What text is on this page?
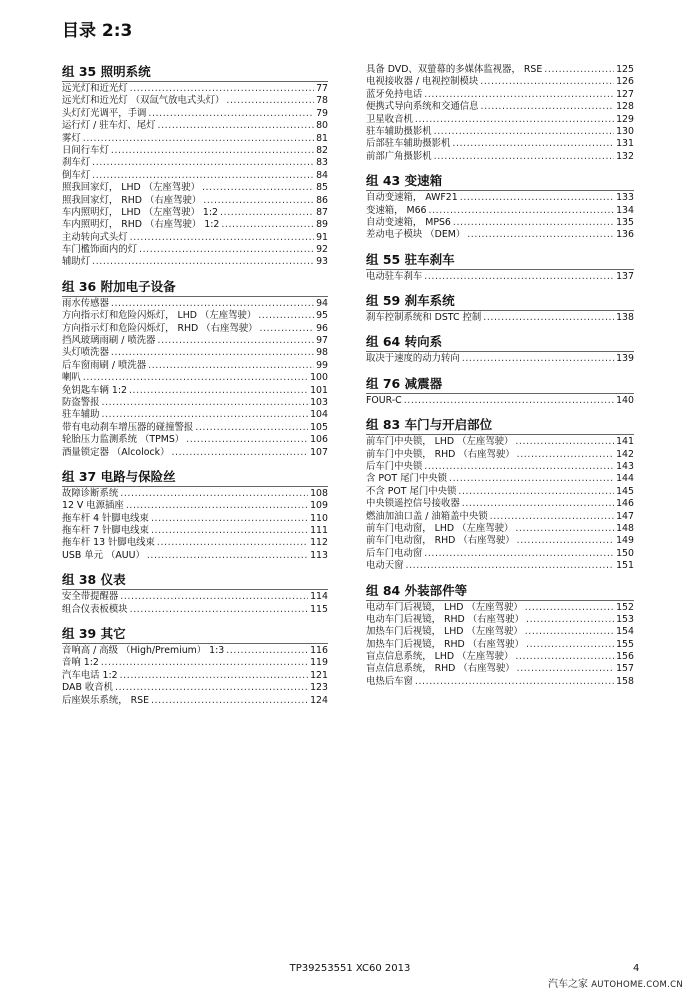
目录 2:3
组 35 照明系统
远光灯和近光灯 .....	77
远光灯和近光灯 （双氙气放电式头灯） .....	78
头灯灯光调平，手调 .....	79
运行灯 / 驻车灯、尾灯 .....	80
雾灯 .....	81
日间行车灯 .....	82
刹车灯 .....	83
倒车灯 .....	84
照我回家灯， LHD （左座驾驶） .....	85
照我回家灯， RHD （右座驾驶） .....	86
车内照明灯， LHD （左座驾驶） 1:2 .....	87
车内照明灯， RHD （右座驾驶） 1:2 .....	89
主动转向式头灯 .....	91
车门檻饰面内的灯 .....	92
辅助灯 .....	93
组 36 附加电子设备
雨水传感器 .....	94
方向指示灯和危险闪烁灯， LHD （左座驾驶） .....	95
方向指示灯和危险闪烁灯， RHD （右座驾驶） .....	96
挡风玻璃雨刷 / 喷洗器 .....	97
头灯喷洗器 .....	98
后车窗雨刷 / 喷洗器 .....	99
喇叭 .....	100
免钥匙车辆 1:2 .....	101
防盗警报 .....	103
驻车辅助 .....	104
带有电动刹车增压器的碰撞警报 .....	105
轮胎压力监测系统 （TPMS） .....	106
酒量锁定器 （Alcolock） .....	107
组 37 电路与保险丝
故障诊断系统 .....	108
12 V 电源插座 .....	109
拖车杆 4 针脚电线束 .....	110
拖车杆 7 针脚电线束 .....	111
拖车杆 13 针脚电线束 .....	112
USB 单元 （AUU） .....	113
组 38 仪表
安全带提醒器 .....	114
组合仪表板模块 .....	115
组 39 其它
音响高 / 高级 （High/Premium） 1:3 .....	116
音响 1:2 .....	119
汽车电话 1:2 .....	121
DAB 收音机 .....	123
后座娱乐系统， RSE .....	124
具备 DVD、双螢幕的多媒体监视器， RSE .....	125
电视接收器 / 电视控制模块 .....	126
蓝牙免持电话 .....	127
便携式导向系统和交通信息 .....	128
卫星收音机 .....	129
驻车辅助摄影机 .....	130
后部驻车辅助摄影机 .....	131
前部广角摄影机 .....	132
组 43 变速箱
自动变速箱， AWF21 .....	133
变速箱， M66 .....	134
自动变速箱， MPS6 .....	135
差动电子模块 （DEM） .....	136
组 55 驻车刹车
电动驻车刹车 .....	137
组 59 刹车系统
刹车控制系统和 DSTC 控制 .....	138
组 64 转向系
取决于速度的动力转向 .....	139
组 76 减震器
FOUR-C .....	140
组 83 车门与开启部位
前车门中央锁， LHD （左座驾驶） .....	141
前车门中央锁， RHD （右座驾驶） .....	142
后车门中央锁 .....	143
含 POT 尾门中央锁 .....	144
不含 POT 尾门中央锁 .....	145
中央锁遥控信号接收器 .....	146
燃油加油口盖 / 油箱盖中央锁 .....	147
前车门电动窗， LHD （左座驾驶） .....	148
前车门电动窗， RHD （右座驾驶） .....	149
后车门电动窗 .....	150
电动天窗 .....	151
组 84 外装部件等
电动车门后视镜， LHD （左座驾驶） .....	152
电动车门后视镜， RHD （右座驾驶） .....	153
加热车门后视镜， LHD （左座驾驶） .....	154
加热车门后视镜， RHD （右座驾驶） .....	155
盲点信息系统， LHD （左座驾驶） .....	156
盲点信息系统， RHD （右座驾驶） .....	157
电热后车窗 .....	158
TP39253551 XC60 2013	4
汽车之家 AUTOHOME.COM.CN
